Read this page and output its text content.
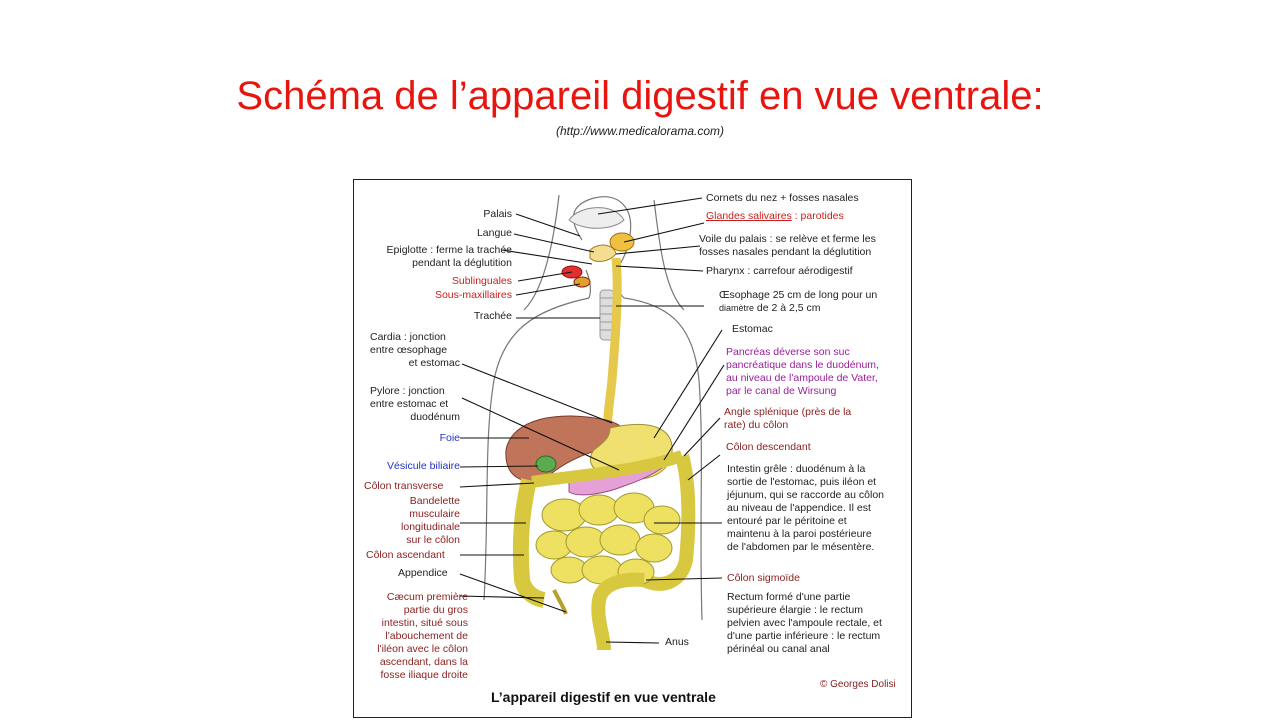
Schéma de l’appareil digestif en vue ventrale:
(http://www.medicalorama.com)
Palais
Langue
Epiglotte : ferme la trachée
pendant la déglutition
Sublinguales
Sous-maxillaires
Trachée
Cardia : jonction
entre œsophage
et estomac
Pylore : jonction
entre estomac et
duodénum
Foie
Vésicule biliaire
Côlon transverse
Bandelette
musculaire
longitudinale
sur le côlon
Côlon ascendant
Appendice
Cæcum première
partie du gros
intestin, situé sous
l'abouchement de
l'iléon avec le côlon
ascendant, dans la
fosse iliaque droite
Cornets du nez + fosses nasales
Glandes salivaires : parotides
Voile du palais : se relève et ferme les
fosses nasales pendant la déglutition
Pharynx : carrefour aérodigestif
Œsophage 25 cm de long pour un
diamètre de 2 à 2,5 cm
Estomac
Pancréas déverse son suc
pancréatique dans le duodénum,
au niveau de l'ampoule de Vater,
par le canal de Wirsung
Angle splénique (près de la
rate) du côlon
Côlon descendant
Intestin grêle : duodénum à la
sortie de l'estomac, puis iléon et
jéjunum, qui se raccorde au côlon
au niveau de l'appendice. Il est
entouré par le péritoine et
maintenu à la paroi postérieure
de l'abdomen par le mésentère.
Côlon sigmoïde
Rectum formé d'une partie
supérieure élargie : le rectum
pelvien avec l'ampoule rectale, et
d'une partie inférieure : le rectum
périnéal ou canal anal
Anus
© Georges Dolisi
L’appareil digestif en vue ventrale
